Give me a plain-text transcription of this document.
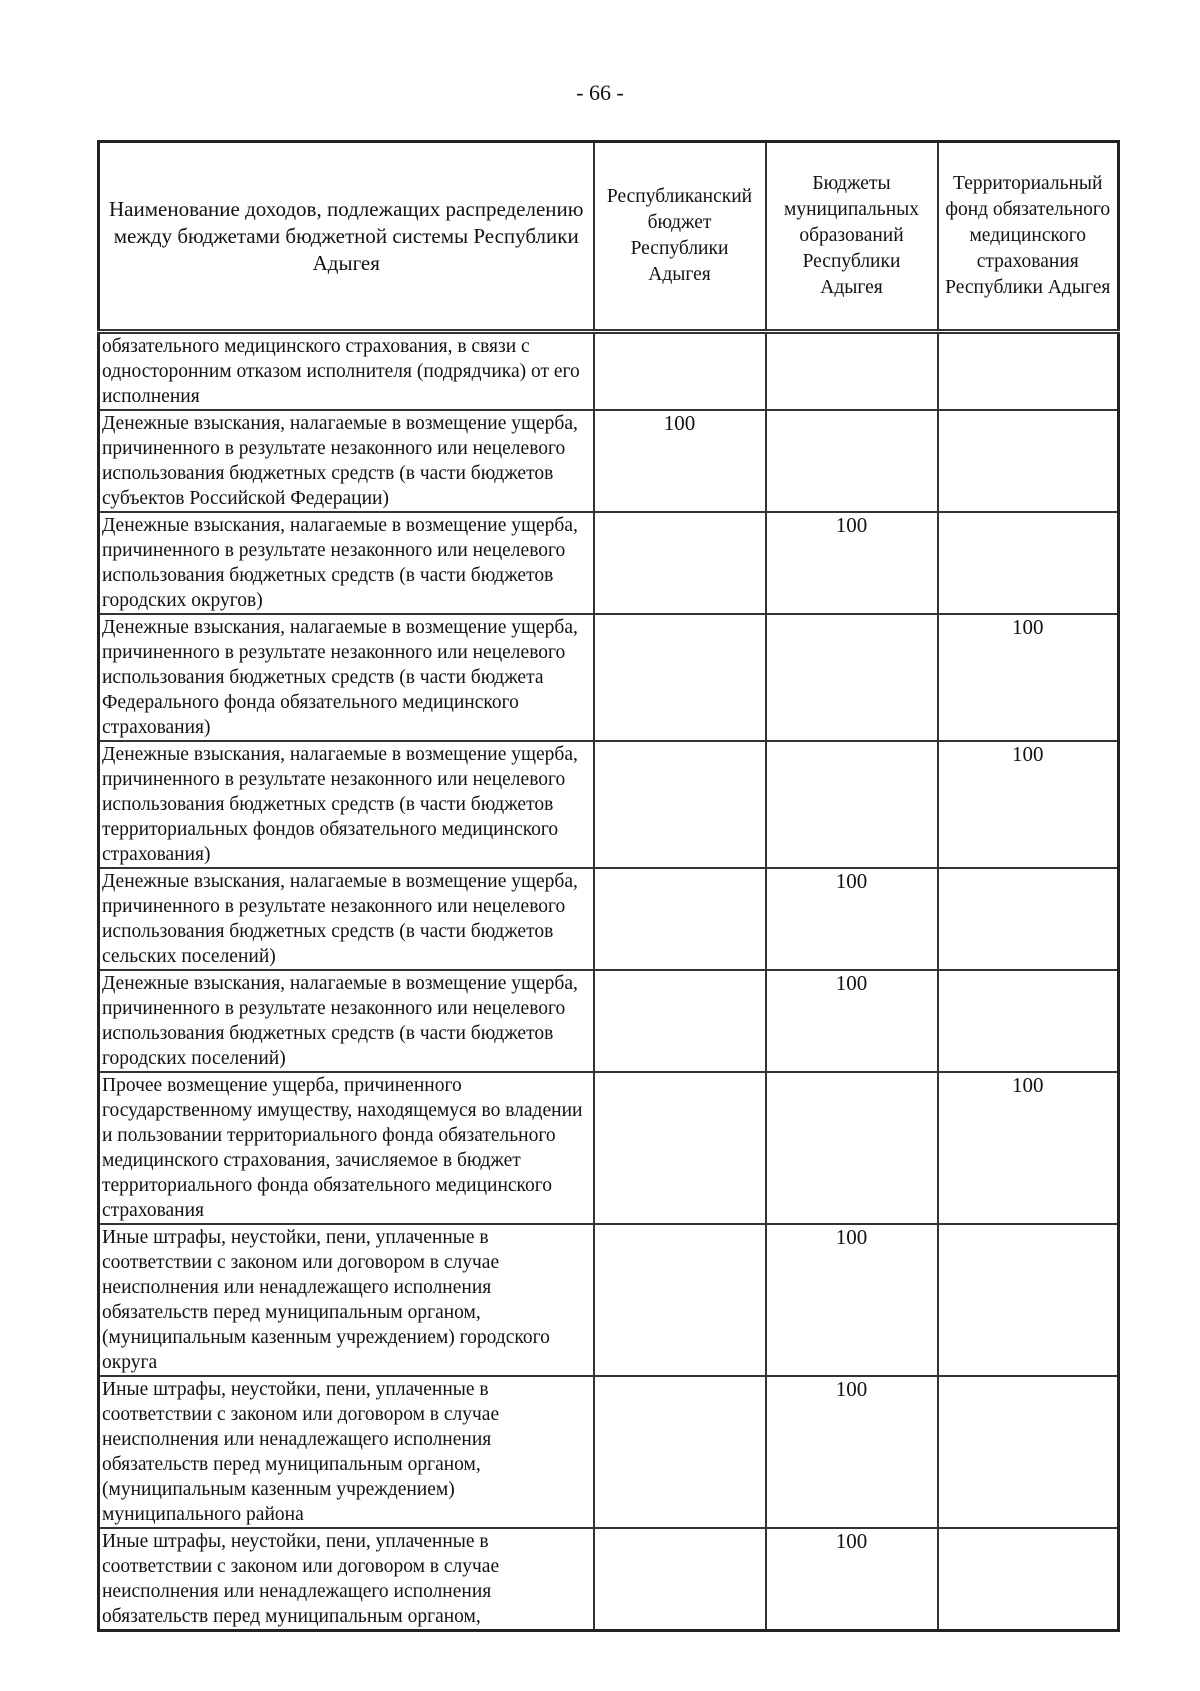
- 66 -
Наименование доходов, подлежащих распределению между бюджетами бюджетной системы Республики Адыгея	Республиканский бюджет Республики Адыгея	Бюджеты муниципальных образований Республики Адыгея	Территориальный фонд обязательного медицинского страхования Республики Адыгея
обязательного медицинского страхования, в связи с односторонним отказом исполнителя (подрядчика) от его исполнения			
Денежные взыскания, налагаемые в возмещение ущерба, причиненного в результате незаконного или нецелевого использования бюджетных средств (в части бюджетов субъектов Российской Федерации)	100		
Денежные взыскания, налагаемые в возмещение ущерба, причиненного в результате незаконного или нецелевого использования бюджетных средств (в части бюджетов городских округов)		100	
Денежные взыскания, налагаемые в возмещение ущерба, причиненного в результате незаконного или нецелевого использования бюджетных средств (в части бюджета Федерального фонда обязательного медицинского страхования)			100
Денежные взыскания, налагаемые в возмещение ущерба, причиненного в результате незаконного или нецелевого использования бюджетных средств (в части бюджетов территориальных фондов обязательного медицинского страхования)			100
Денежные взыскания, налагаемые в возмещение ущерба, причиненного в результате незаконного или нецелевого использования бюджетных средств (в части бюджетов сельских поселений)		100	
Денежные взыскания, налагаемые в возмещение ущерба, причиненного в результате незаконного или нецелевого использования бюджетных средств (в части бюджетов городских поселений)		100	
Прочее возмещение ущерба, причиненного государственному имуществу, находящемуся во владении и пользовании территориального фонда обязательного медицинского страхования, зачисляемое в бюджет территориального фонда обязательного медицинского страхования			100
Иные штрафы, неустойки, пени, уплаченные в соответствии с законом или договором в случае неисполнения или ненадлежащего исполнения обязательств перед муниципальным органом, (муниципальным казенным учреждением) городского округа		100	
Иные штрафы, неустойки, пени, уплаченные в соответствии с законом или договором в случае неисполнения или ненадлежащего исполнения обязательств перед муниципальным органом, (муниципальным казенным учреждением) муниципального района		100	
Иные штрафы, неустойки, пени, уплаченные в соответствии с законом или договором в случае неисполнения или ненадлежащего исполнения обязательств перед муниципальным органом,		100	
